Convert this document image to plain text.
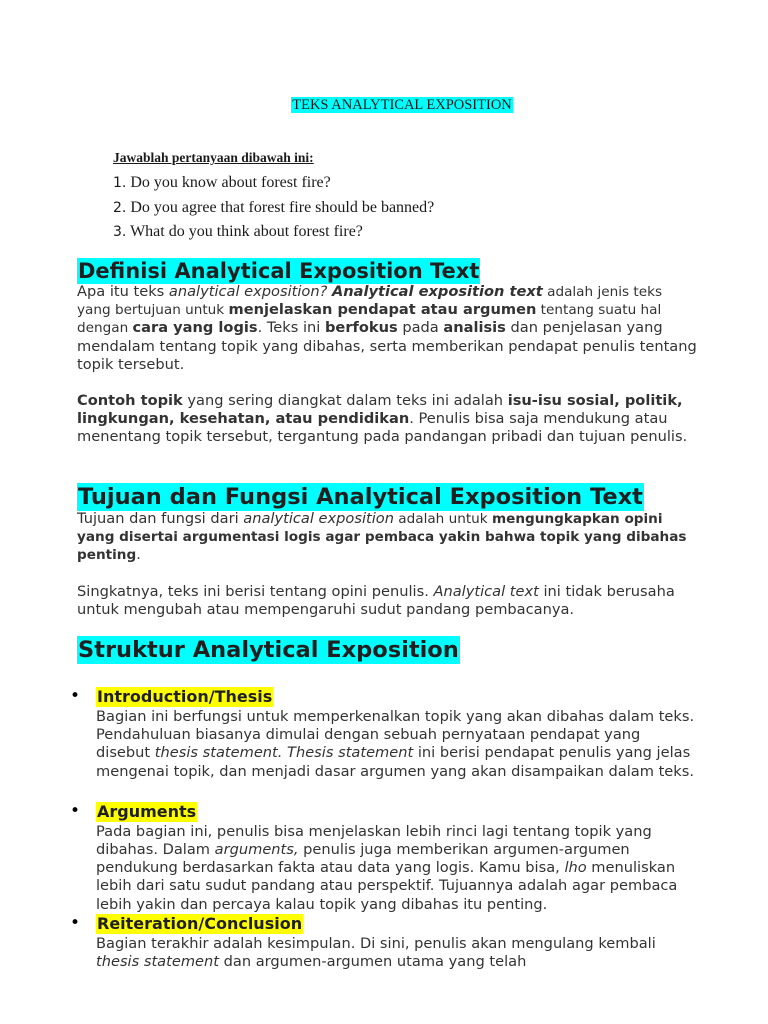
TEKS ANALYTICAL EXPOSITION
Jawablah pertanyaan dibawah ini:
1. Do you know about forest fire?
2. Do you agree that forest fire should be banned?
3. What do you think about forest fire?
Definisi Analytical Exposition Text

Apa itu teks analytical exposition? Analytical exposition text adalah jenis teks yang bertujuan untuk menjelaskan pendapat atau argumen tentang suatu hal dengan cara yang logis. Teks ini berfokus pada analisis dan penjelasan yang mendalam tentang topik yang dibahas, serta memberikan pendapat penulis tentang topik tersebut.

Contoh topik yang sering diangkat dalam teks ini adalah isu-isu sosial, politik, lingkungan, kesehatan, atau pendidikan. Penulis bisa saja mendukung atau menentang topik tersebut, tergantung pada pandangan pribadi dan tujuan penulis.

Tujuan dan Fungsi Analytical Exposition Text

Tujuan dan fungsi dari analytical exposition adalah untuk mengungkapkan opini yang disertai argumentasi logis agar pembaca yakin bahwa topik yang dibahas penting.

Singkatnya, teks ini berisi tentang opini penulis. Analytical text ini tidak berusaha untuk mengubah atau mempengaruhi sudut pandang pembacanya.

Struktur Analytical Exposition
• Introduction/Thesis

Bagian ini berfungsi untuk memperkenalkan topik yang akan dibahas dalam teks. Pendahuluan biasanya dimulai dengan sebuah pernyataan pendapat yang disebut thesis statement. Thesis statement ini berisi pendapat penulis yang jelas mengenai topik, dan menjadi dasar argumen yang akan disampaikan dalam teks.

• Arguments

Pada bagian ini, penulis bisa menjelaskan lebih rinci lagi tentang topik yang dibahas. Dalam arguments, penulis juga memberikan argumen-argumen pendukung berdasarkan fakta atau data yang logis. Kamu bisa, lho menuliskan lebih dari satu sudut pandang atau perspektif. Tujuannya adalah agar pembaca lebih yakin dan percaya kalau topik yang dibahas itu penting.

• Reiteration/Conclusion

Bagian terakhir adalah kesimpulan. Di sini, penulis akan mengulang kembali thesis statement dan argumen-argumen utama yang telah
